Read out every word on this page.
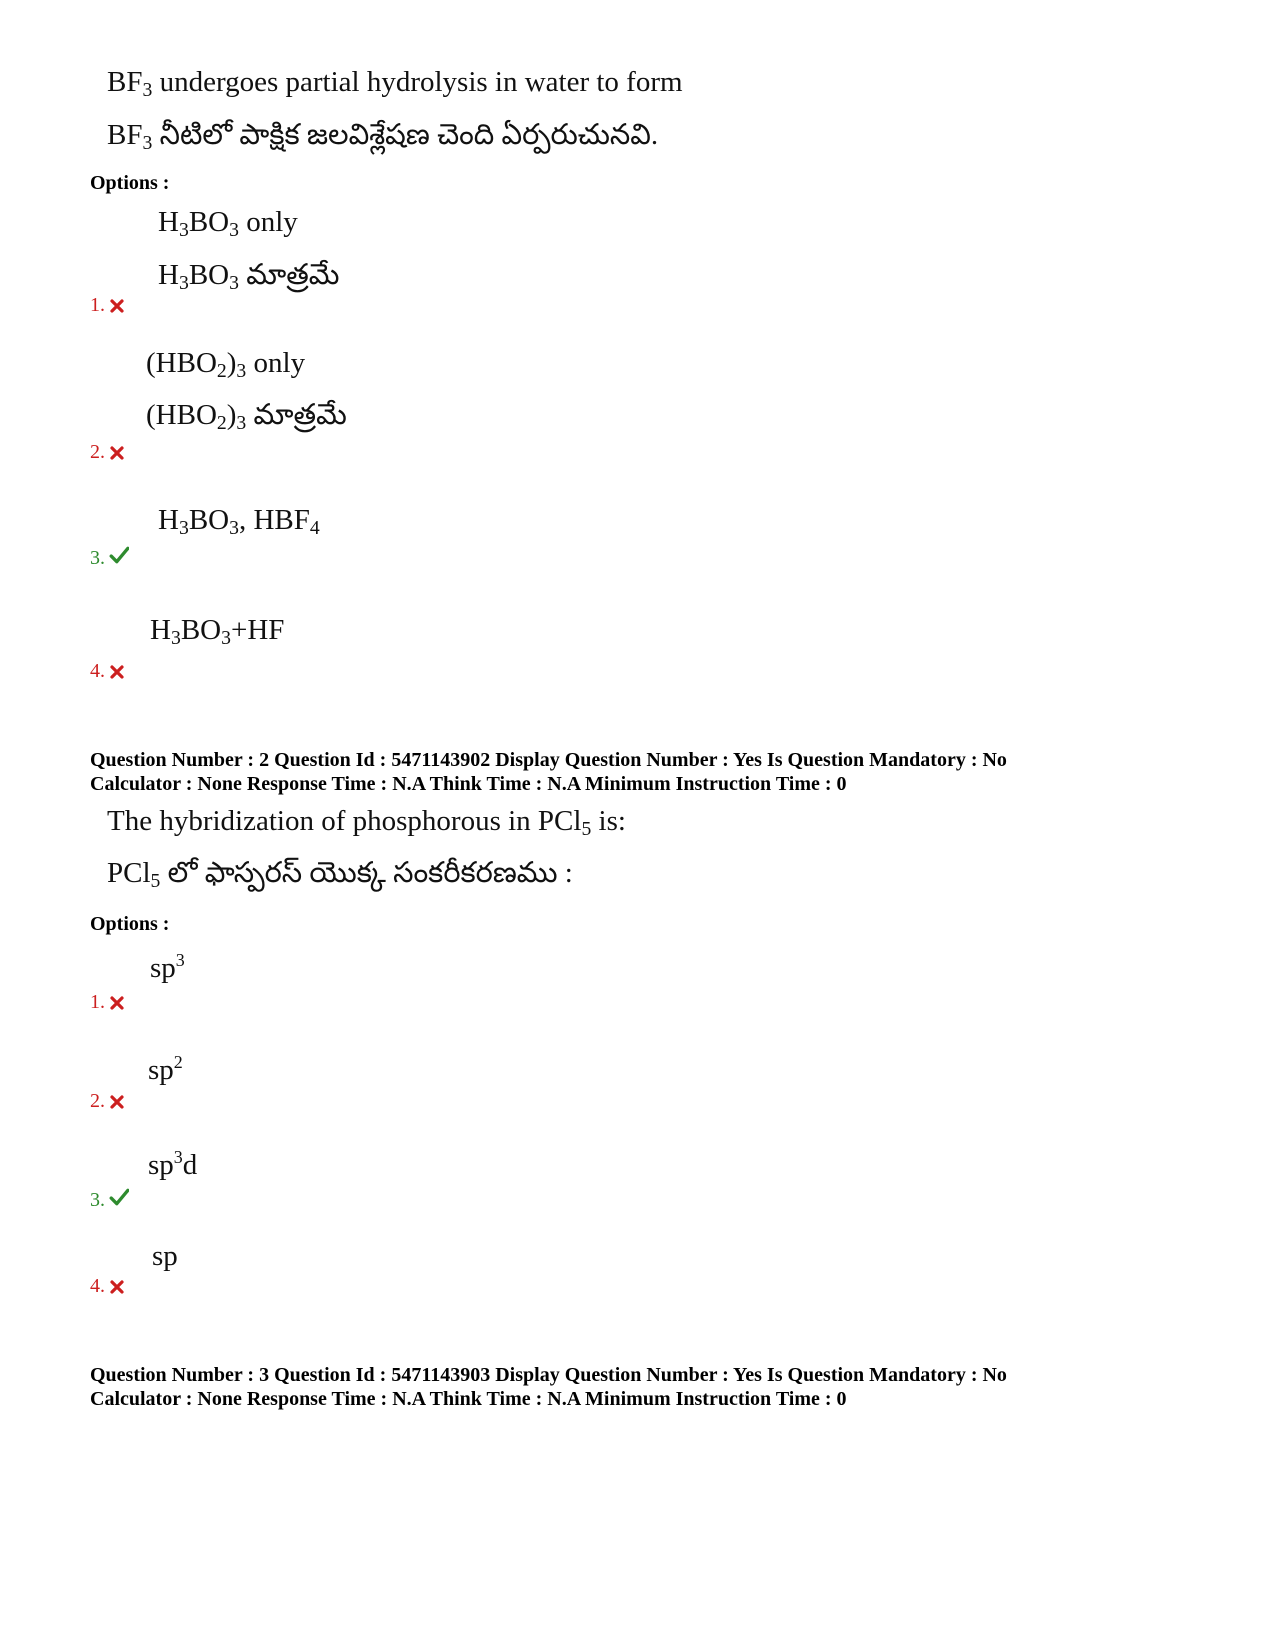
$BF_3$ undergoes partial hydrolysis in water to form
$BF_3$ నీటిలో పాక్షిక జలవిశ్లేషణ చెంది ఏర్పరుచునవి.
Options :
$H_3BO_3$ only
$H_3BO_3$ మాత్రమే
1.
$(HBO_2)_3$ only
$(HBO_2)_3$ మాత్రమే
2.
$H_3BO_3$, $HBF_4$
3.
$H_3BO_3+HF$
4.
Question Number : 2 Question Id : 5471143902 Display Question Number : Yes Is Question Mandatory : No
Calculator : None Response Time : N.A Think Time : N.A Minimum Instruction Time : 0
The hybridization of phosphorous in PCl$_5$ is:
PCl$_5$ లో ఫాస్పరస్ యొక్క సంకరీకరణము :
Options :
$sp^3$
1.
$sp^2$
2.
$sp^3d$
3.
sp
4.
Question Number : 3 Question Id : 5471143903 Display Question Number : Yes Is Question Mandatory : No
Calculator : None Response Time : N.A Think Time : N.A Minimum Instruction Time : 0
